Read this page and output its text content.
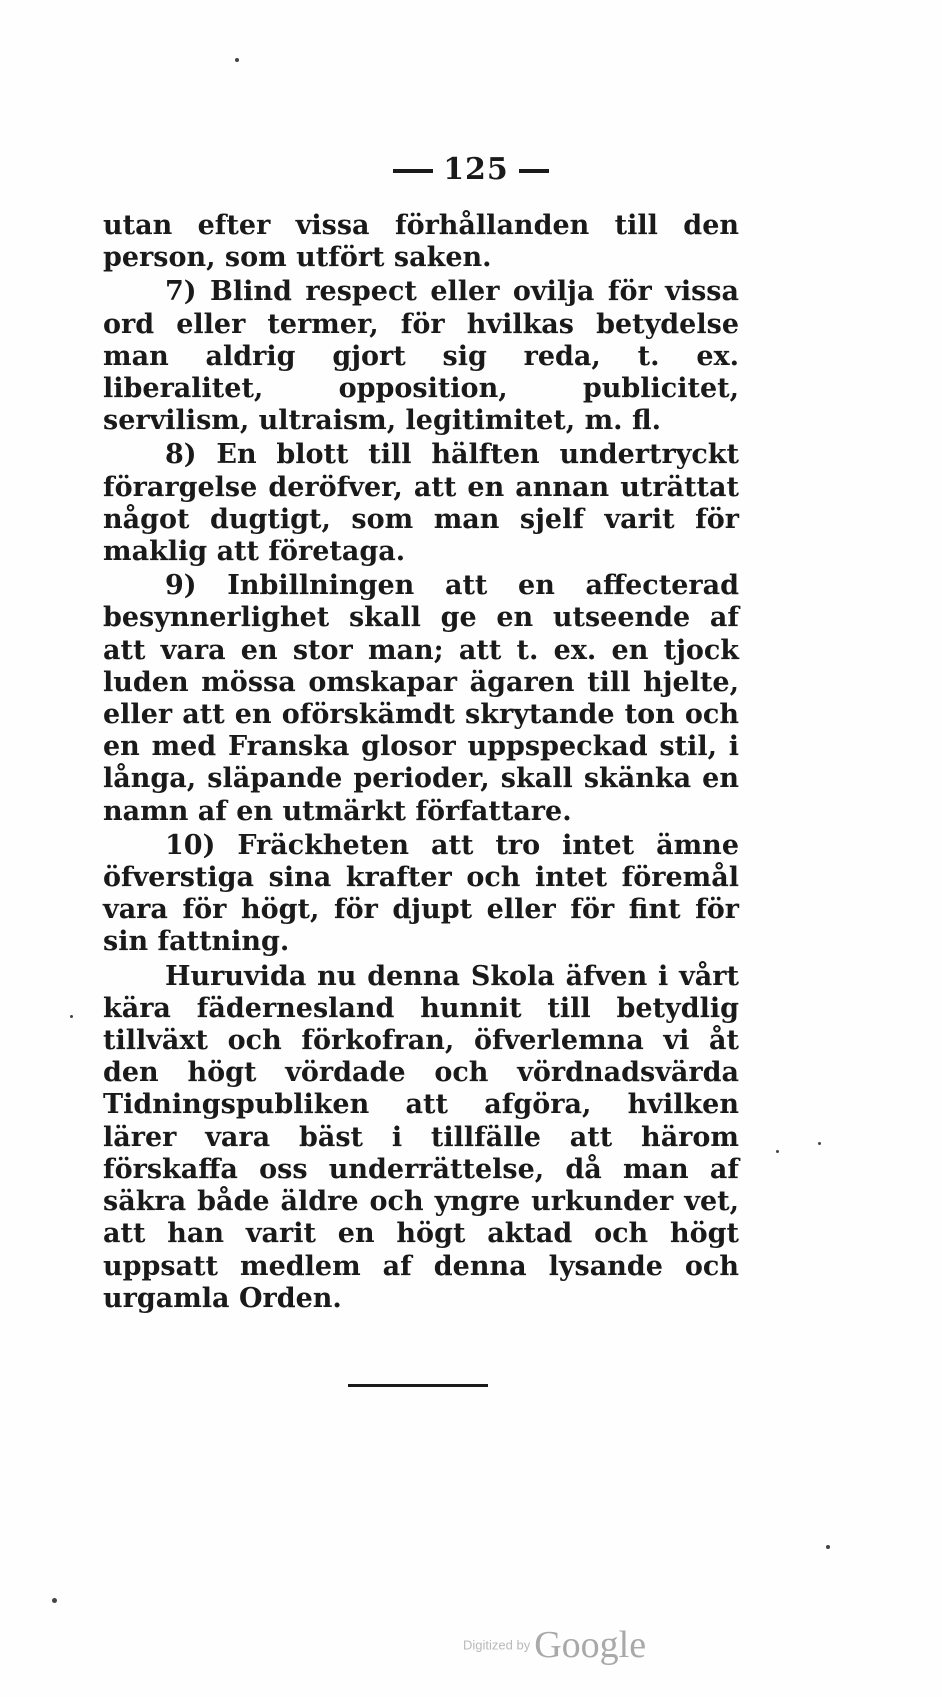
125

utan efter vissa förhållanden till den person, som utfört saken.

7) Blind respect eller ovilja för vissa ord eller termer, för hvilkas betydelse man aldrig gjort sig reda, t. ex. liberalitet, opposition, publicitet, servilism, ultraism, legitimitet, m. fl.

8) En blott till hälften undertryckt förargelse deröfver, att en annan uträttat något dugtigt, som man sjelf varit för maklig att företaga.

9) Inbillningen att en affecterad besynnerlighet skall ge en utseende af att vara en stor man; att t. ex. en tjock luden mössa omskapar ägaren till hjelte, eller att en oförskämdt skrytande ton och en med Franska glosor uppspeckad stil, i långa, släpande perioder, skall skänka en namn af en utmärkt författare.

10) Fräckheten att tro intet ämne öfverstiga sina krafter och intet föremål vara för högt, för djupt eller för fint för sin fattning.

Huruvida nu denna Skola äfven i vårt kära fädernesland hunnit till betydlig tillväxt och förkofran, öfverlemna vi åt den högt vördade och vördnadsvärda Tidningspubliken att afgöra, hvilken lärer vara bäst i tillfälle att härom förskaffa oss underrättelse, då man af säkra både äldre och yngre urkunder vet, att han varit en högt aktad och högt uppsatt medlem af denna lysande och urgamla Orden.

Digitized by Google
